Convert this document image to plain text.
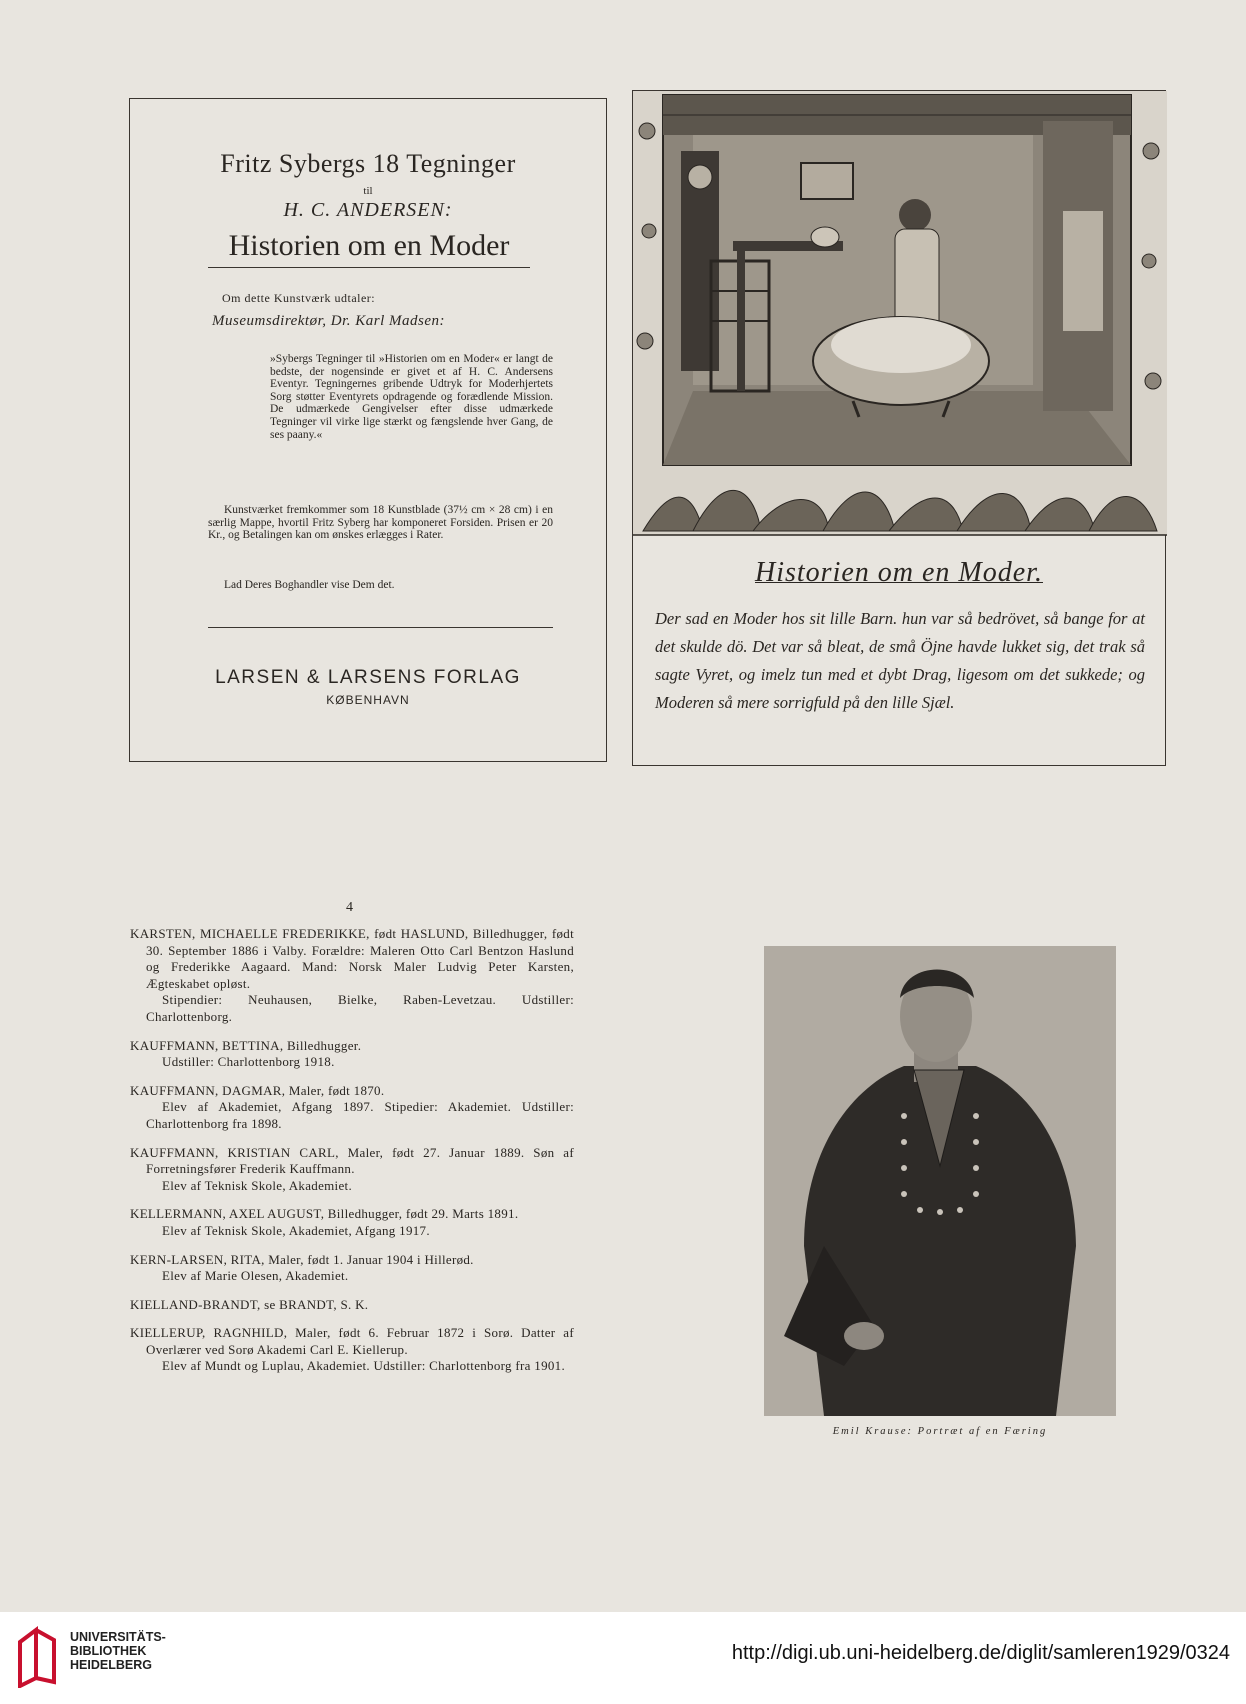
Fritz Sybergs 18 Tegninger
til
H. C. ANDERSEN:
Historien om en Moder
Om dette Kunstværk udtaler:
Museumsdirektør, Dr. Karl Madsen:
»Sybergs Tegninger til »Historien om en Moder« er langt de bedste, der nogensinde er givet et af H. C. Andersens Eventyr. Tegningernes gribende Udtryk for Moderhjertets Sorg støtter Eventyrets opdragende og forædlende Mission. De udmærkede Gengivelser efter disse udmærkede Tegninger vil virke lige stærkt og fængslende hver Gang, de ses paany.«
Kunstværket fremkommer som 18 Kunstblade (37½ cm × 28 cm) i en særlig Mappe, hvortil Fritz Syberg har komponeret Forsiden. Prisen er 20 Kr., og Betalingen kan om ønskes erlægges i Rater.
Lad Deres Boghandler vise Dem det.
LARSEN & LARSENS FORLAG
KØBENHAVN
Historien om en Moder.
Der sad en Moder hos sit lille Barn. hun var så bedrövet, så bange for at det skulde dö. Det var så bleat, de små Öjne havde lukket sig, det trak så sagte Vyret, og imelz tun med et dybt Drag, ligesom om det sukkede; og Moderen så mere sorrigfuld på den lille Sjæl.
4
KARSTEN, MICHAELLE FREDERIKKE, født HASLUND, Billedhugger, født 30. September 1886 i Valby. Forældre: Maleren Otto Carl Bentzon Haslund og Frederikke Aagaard. Mand: Norsk Maler Ludvig Peter Karsten, Ægteskabet opløst.

Stipendier: Neuhausen, Bielke, Raben-Levetzau. Udstiller: Charlottenborg.

KAUFFMANN, BETTINA, Billedhugger.

Udstiller: Charlottenborg 1918.

KAUFFMANN, DAGMAR, Maler, født 1870.

Elev af Akademiet, Afgang 1897. Stipedier: Akademiet. Udstiller: Charlottenborg fra 1898.

KAUFFMANN, KRISTIAN CARL, Maler, født 27. Januar 1889. Søn af Forretningsfører Frederik Kauffmann.

Elev af Teknisk Skole, Akademiet.

KELLERMANN, AXEL AUGUST, Billedhugger, født 29. Marts 1891.

Elev af Teknisk Skole, Akademiet, Afgang 1917.

KERN-LARSEN, RITA, Maler, født 1. Januar 1904 i Hillerød.

Elev af Marie Olesen, Akademiet.

KIELLAND-BRANDT, se BRANDT, S. K.
KIELLERUP, RAGNHILD, Maler, født 6. Februar 1872 i Sorø. Datter af Overlærer ved Sorø Akademi Carl E. Kiellerup.

Elev af Mundt og Luplau, Akademiet. Udstiller: Charlottenborg fra 1901.

Emil Krause: Portræt af en Færing
UNIVERSITÄTS-
BIBLIOTHEK
HEIDELBERG
http://digi.ub.uni-heidelberg.de/diglit/samleren1929/0324
